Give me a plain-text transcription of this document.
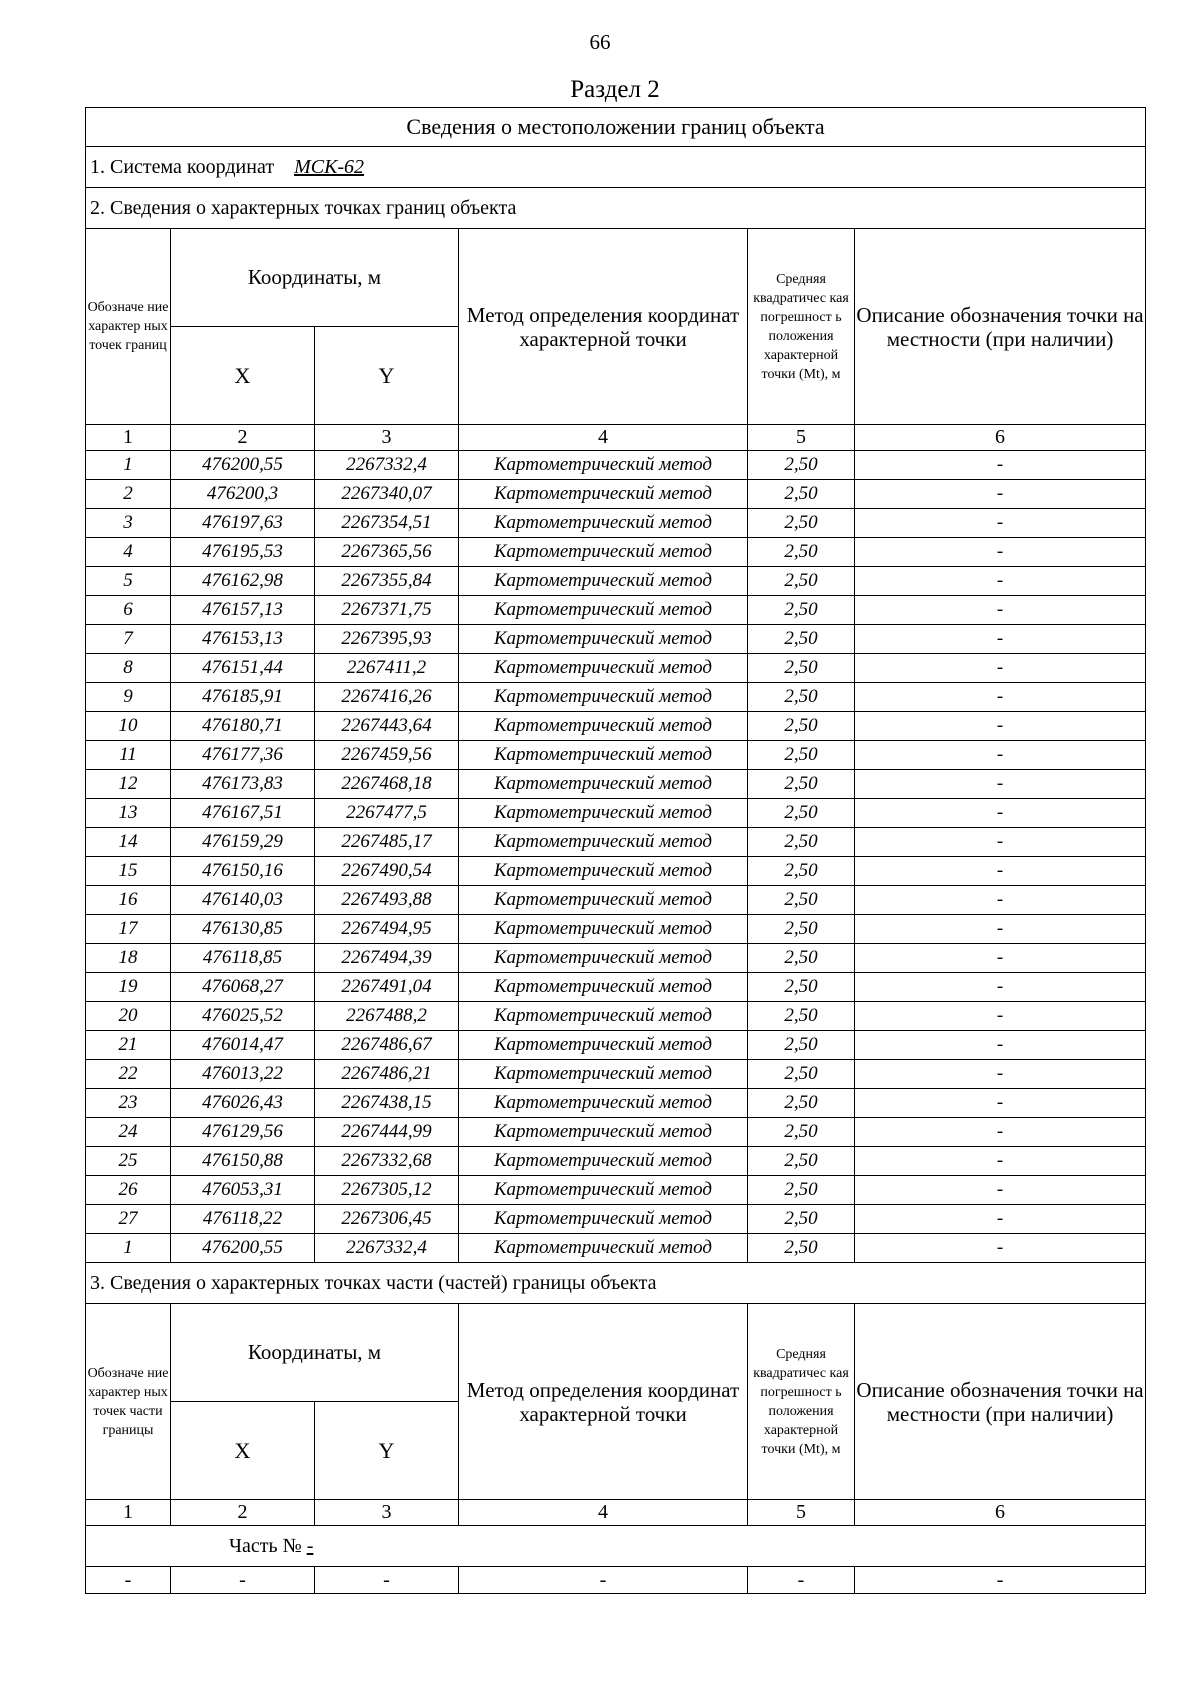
66
Раздел 2
Сведения о местоположении границ объекта					
1. Система координат МСК-62					
2. Сведения о характерных точках границ объекта					
Обозначе ние характер ных точек границ	Координаты, м		Метод определения координат характерной точки	Средняя квадратичес кая погрешност ь положения характерной точки (Mt), м	Описание обозначения точки на местности (при наличии)
	X	Y			
1	2	3	4	5	6
1	476200,55	2267332,4	Картометрический метод	2,50	-
2	476200,3	2267340,07	Картометрический метод	2,50	-
3	476197,63	2267354,51	Картометрический метод	2,50	-
4	476195,53	2267365,56	Картометрический метод	2,50	-
5	476162,98	2267355,84	Картометрический метод	2,50	-
6	476157,13	2267371,75	Картометрический метод	2,50	-
7	476153,13	2267395,93	Картометрический метод	2,50	-
8	476151,44	2267411,2	Картометрический метод	2,50	-
9	476185,91	2267416,26	Картометрический метод	2,50	-
10	476180,71	2267443,64	Картометрический метод	2,50	-
11	476177,36	2267459,56	Картометрический метод	2,50	-
12	476173,83	2267468,18	Картометрический метод	2,50	-
13	476167,51	2267477,5	Картометрический метод	2,50	-
14	476159,29	2267485,17	Картометрический метод	2,50	-
15	476150,16	2267490,54	Картометрический метод	2,50	-
16	476140,03	2267493,88	Картометрический метод	2,50	-
17	476130,85	2267494,95	Картометрический метод	2,50	-
18	476118,85	2267494,39	Картометрический метод	2,50	-
19	476068,27	2267491,04	Картометрический метод	2,50	-
20	476025,52	2267488,2	Картометрический метод	2,50	-
21	476014,47	2267486,67	Картометрический метод	2,50	-
22	476013,22	2267486,21	Картометрический метод	2,50	-
23	476026,43	2267438,15	Картометрический метод	2,50	-
24	476129,56	2267444,99	Картометрический метод	2,50	-
25	476150,88	2267332,68	Картометрический метод	2,50	-
26	476053,31	2267305,12	Картометрический метод	2,50	-
27	476118,22	2267306,45	Картометрический метод	2,50	-
1	476200,55	2267332,4	Картометрический метод	2,50	-
3. Сведения о характерных точках части (частей) границы объекта					
Обозначе ние характер ных точек части границы	Координаты, м		Метод определения координат характерной точки	Средняя квадратичес кая погрешност ь положения характерной точки (Mt), м	Описание обозначения точки на местности (при наличии)
	X	Y			
1	2	3	4	5	6
Часть № -					
-	-	-	-	-	-
